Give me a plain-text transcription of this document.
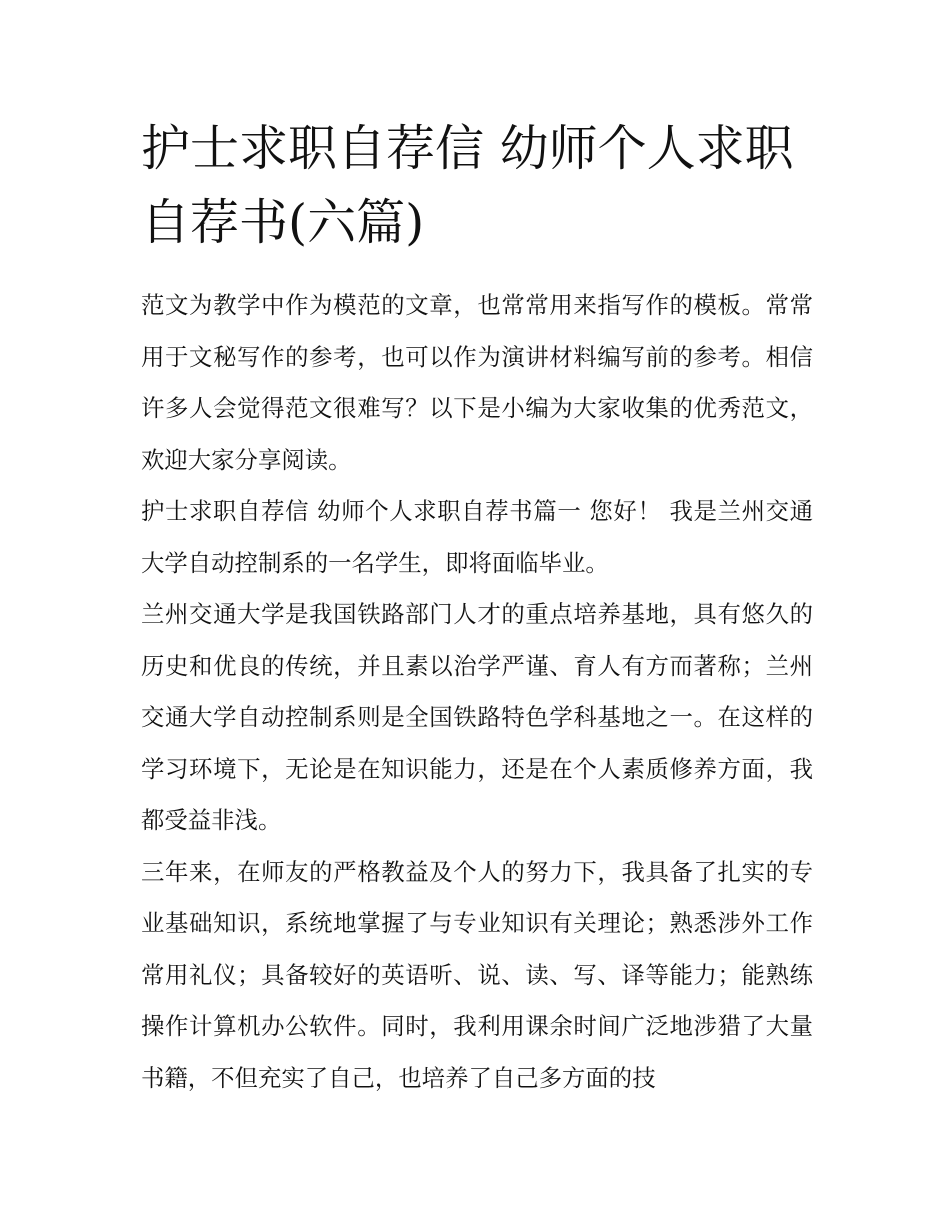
护士求职自荐信 幼师个人求职自荐书(六篇)

范文为教学中作为模范的文章，也常常用来指写作的模板。常常用于文秘写作的参考，也可以作为演讲材料编写前的参考。相信许多人会觉得范文很难写？以下是小编为大家收集的优秀范文，欢迎大家分享阅读。

护士求职自荐信 幼师个人求职自荐书篇一 您好！ 我是兰州交通大学自动控制系的一名学生，即将面临毕业。

兰州交通大学是我国铁路部门人才的重点培养基地，具有悠久的历史和优良的传统，并且素以治学严谨、育人有方而著称；兰州交通大学自动控制系则是全国铁路特色学科基地之一。在这样的学习环境下，无论是在知识能力，还是在个人素质修养方面，我都受益非浅。

三年来，在师友的严格教益及个人的努力下，我具备了扎实的专业基础知识，系统地掌握了与专业知识有关理论；熟悉涉外工作常用礼仪；具备较好的英语听、说、读、写、译等能力；能熟练操作计算机办公软件。同时，我利用课余时间广泛地涉猎了大量书籍，不但充实了自己，也培养了自己多方面的技
